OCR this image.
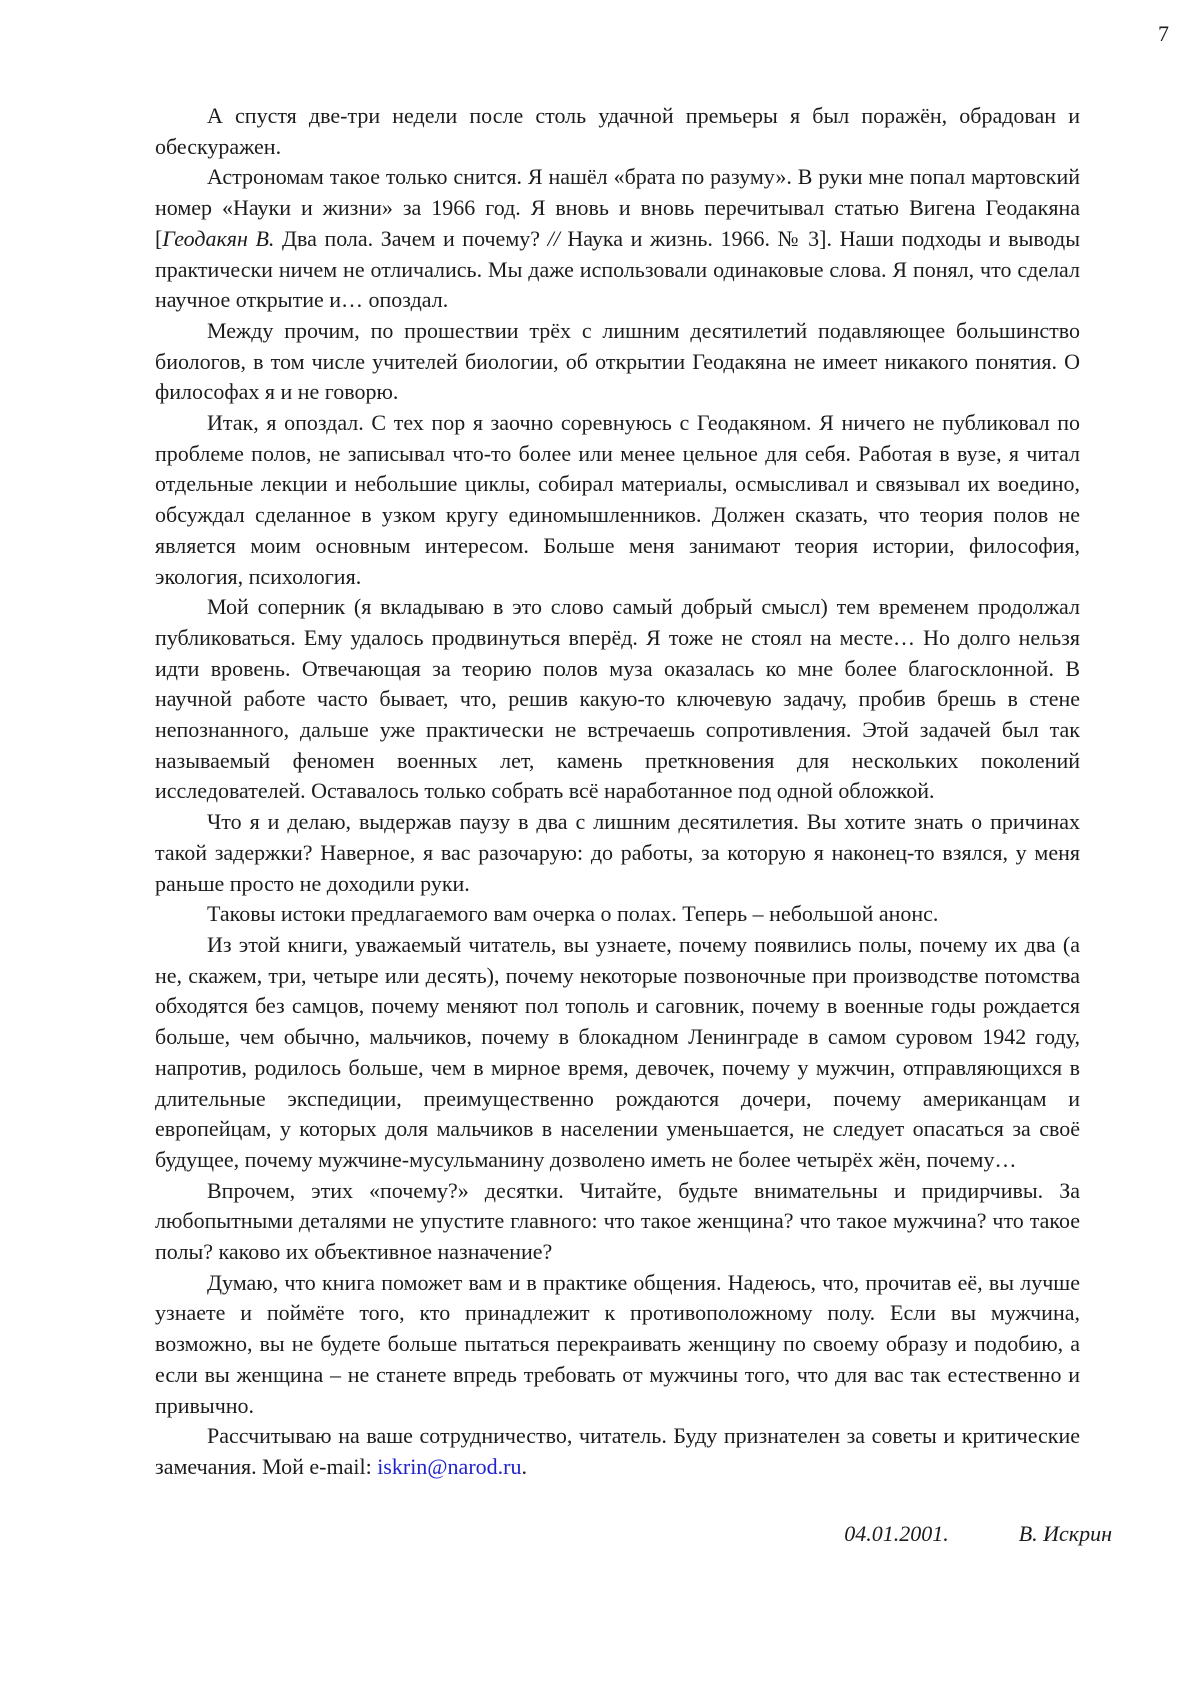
7

А спустя две-три недели после столь удачной премьеры я был поражён, обрадован и обескуражен.

Астрономам такое только снится. Я нашёл «брата по разуму». В руки мне попал мартовский номер «Науки и жизни» за 1966 год. Я вновь и вновь перечитывал статью Вигена Геодакяна [Геодакян В. Два пола. Зачем и почему? // Наука и жизнь. 1966. № 3]. Наши подходы и выводы практически ничем не отличались. Мы даже использовали одинаковые слова. Я понял, что сделал научное открытие и… опоздал.

Между прочим, по прошествии трёх с лишним десятилетий подавляющее большинство биологов, в том числе учителей биологии, об открытии Геодакяна не имеет никакого понятия. О философах я и не говорю.

Итак, я опоздал. С тех пор я заочно соревнуюсь с Геодакяном. Я ничего не публиковал по проблеме полов, не записывал что-то более или менее цельное для себя. Работая в вузе, я читал отдельные лекции и небольшие циклы, собирал материалы, осмысливал и связывал их воедино, обсуждал сделанное в узком кругу единомышленников. Должен сказать, что теория полов не является моим основным интересом. Больше меня занимают теория истории, философия, экология, психология.

Мой соперник (я вкладываю в это слово самый добрый смысл) тем временем продолжал публиковаться. Ему удалось продвинуться вперёд. Я тоже не стоял на месте… Но долго нельзя идти вровень. Отвечающая за теорию полов муза оказалась ко мне более благосклонной. В научной работе часто бывает, что, решив какую-то ключевую задачу, пробив брешь в стене непознанного, дальше уже практически не встречаешь сопротивления. Этой задачей был так называемый феномен военных лет, камень преткновения для нескольких поколений исследователей. Оставалось только собрать всё наработанное под одной обложкой.

Что я и делаю, выдержав паузу в два с лишним десятилетия. Вы хотите знать о причинах такой задержки? Наверное, я вас разочарую: до работы, за которую я наконец-то взялся, у меня раньше просто не доходили руки.

Таковы истоки предлагаемого вам очерка о полах. Теперь – небольшой анонс.

Из этой книги, уважаемый читатель, вы узнаете, почему появились полы, почему их два (а не, скажем, три, четыре или десять), почему некоторые позвоночные при производстве потомства обходятся без самцов, почему меняют пол тополь и саговник, почему в военные годы рождается больше, чем обычно, мальчиков, почему в блокадном Ленинграде в самом суровом 1942 году, напротив, родилось больше, чем в мирное время, девочек, почему у мужчин, отправляющихся в длительные экспедиции, преимущественно рождаются дочери, почему американцам и европейцам, у которых доля мальчиков в населении уменьшается, не следует опасаться за своё будущее, почему мужчине-мусульманину дозволено иметь не более четырёх жён, почему…

Впрочем, этих «почему?» десятки. Читайте, будьте внимательны и придирчивы. За любопытными деталями не упустите главного: что такое женщина? что такое мужчина? что такое полы? каково их объективное назначение?

Думаю, что книга поможет вам и в практике общения. Надеюсь, что, прочитав её, вы лучше узнаете и поймёте того, кто принадлежит к противоположному полу. Если вы мужчина, возможно, вы не будете больше пытаться перекраивать женщину по своему образу и подобию, а если вы женщина – не станете впредь требовать от мужчины того, что для вас так естественно и привычно.

Рассчитываю на ваше сотрудничество, читатель. Буду признателен за советы и критические замечания. Мой e-mail: iskrin@narod.ru.

04.01.2001.	В. Искрин
